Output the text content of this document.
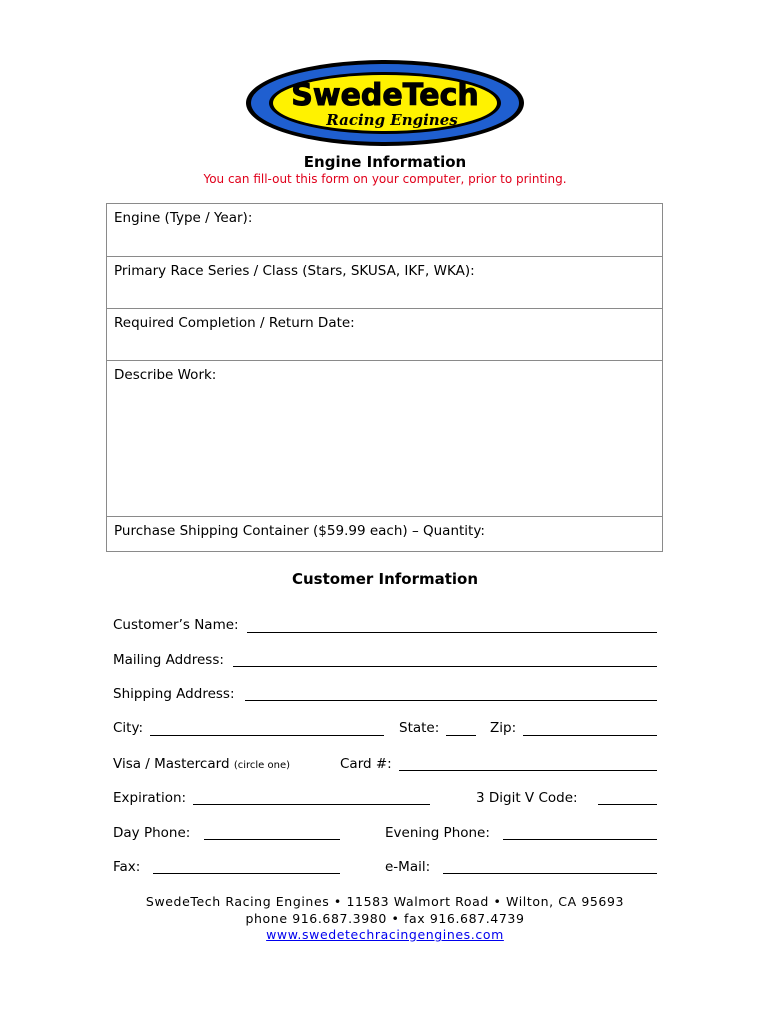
SwedeTech
Racing Engines
Engine Information
You can fill-out this form on your computer, prior to printing.
Engine (Type / Year):
Primary Race Series / Class (Stars, SKUSA, IKF, WKA):
Required Completion / Return Date:
Describe Work:
Purchase Shipping Container ($59.99 each) – Quantity:
Customer Information
Customer’s Name:
Mailing Address:
Shipping Address:
City:	State:	Zip:
Visa / Mastercard (circle one)	Card #:
Expiration:	3 Digit V Code:
Day Phone:	Evening Phone:
Fax:	e-Mail:
SwedeTech Racing Engines • 11583 Walmort Road • Wilton, CA 95693
phone 916.687.3980 • fax 916.687.4739
www.swedetechracingengines.com
